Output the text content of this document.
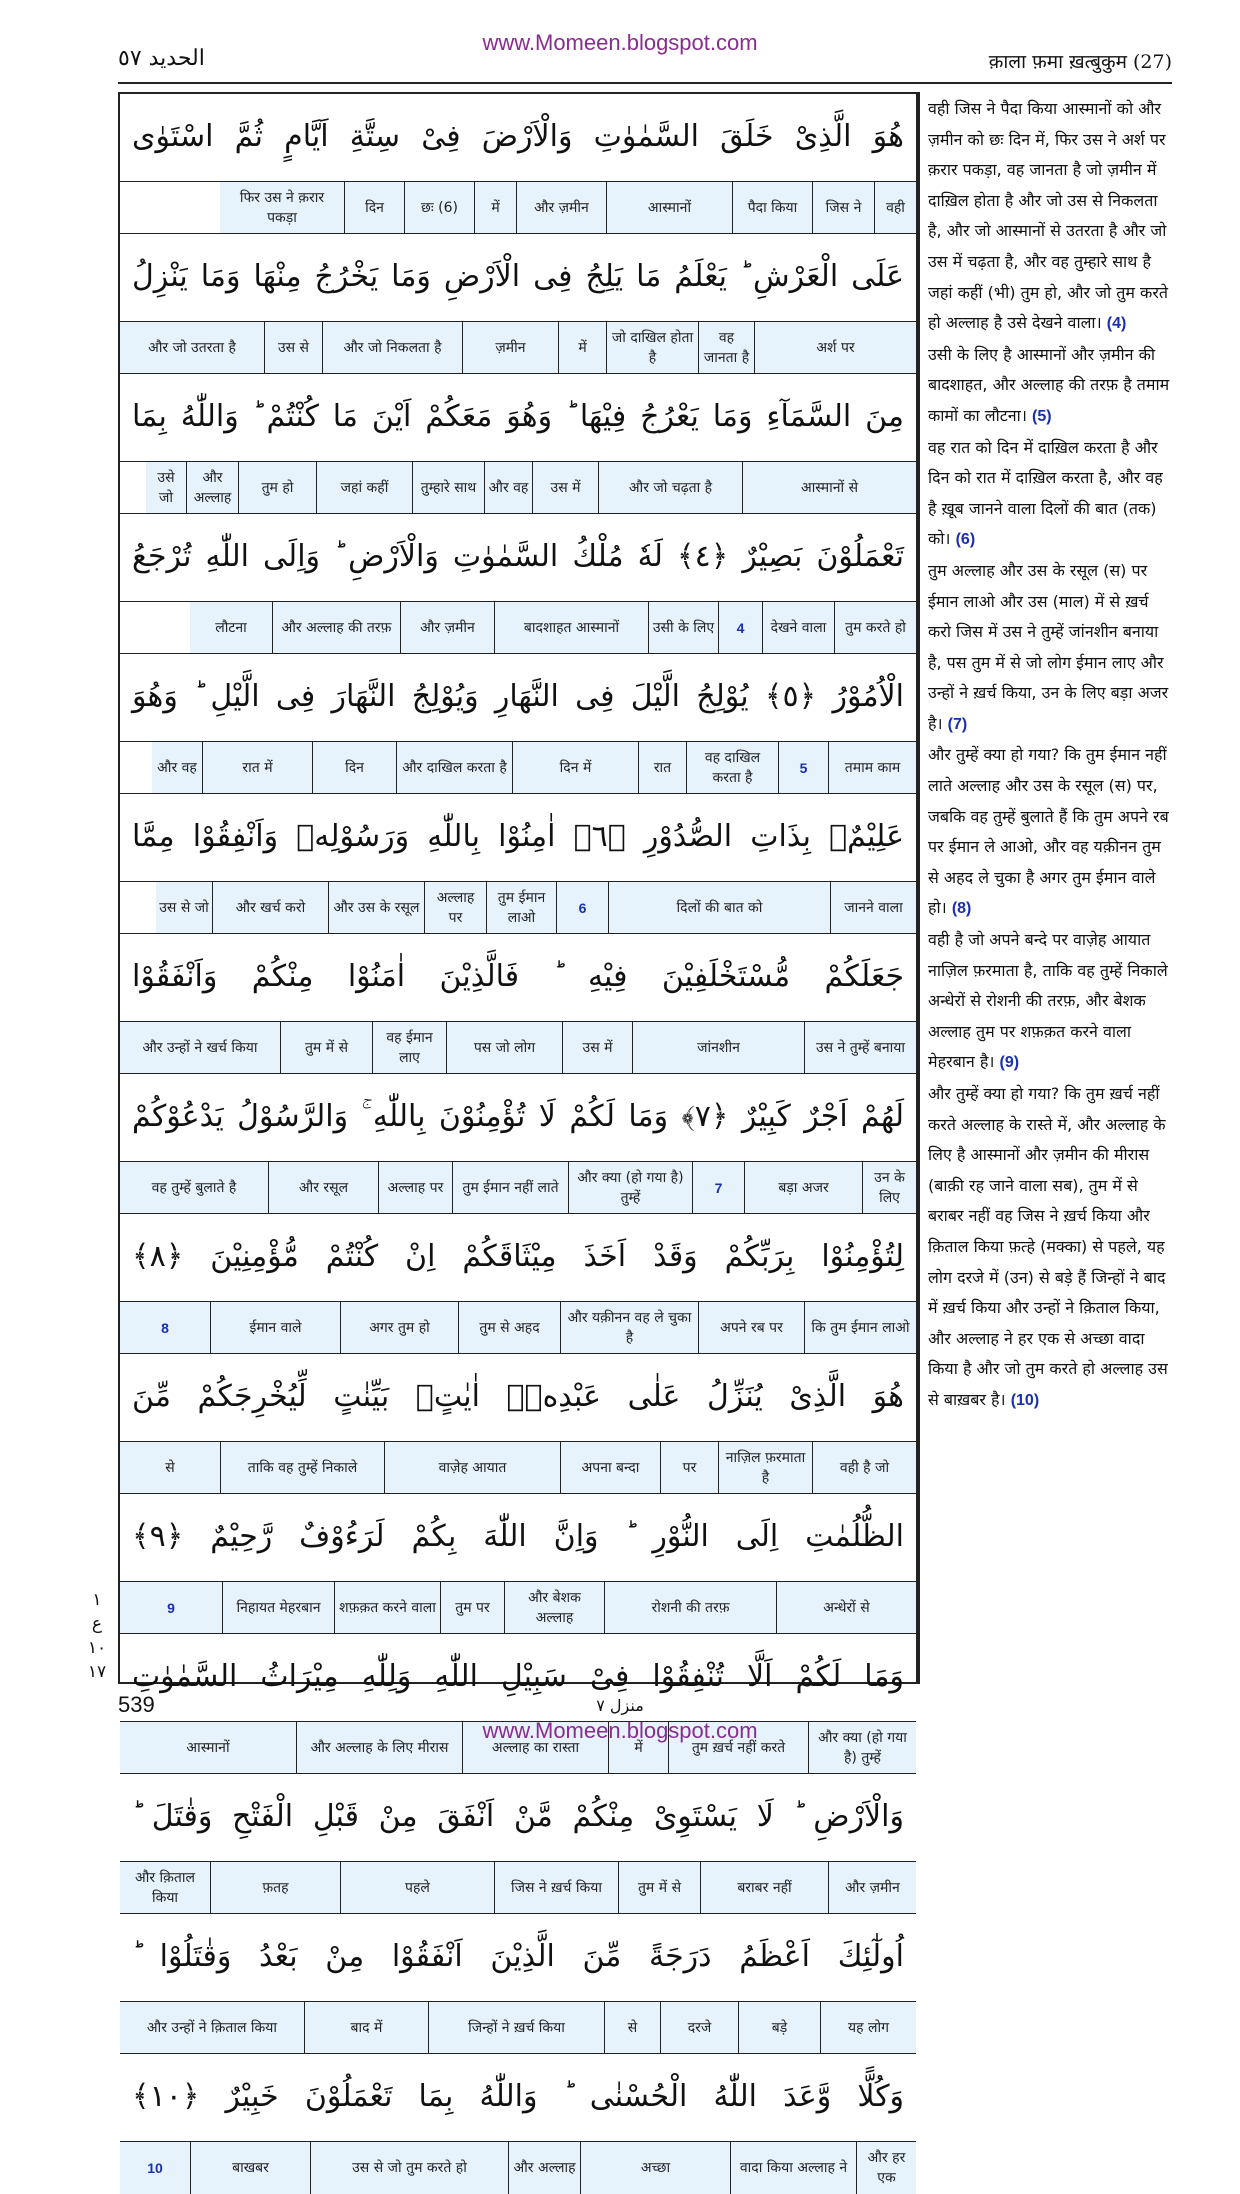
www.Momeen.blogspot.com
الحديد ٥٧	क़ाला फ़मा ख़त्बुकुम (27)
هُوَ الَّذِىْ خَلَقَ السَّمٰوٰتِ وَالْاَرْضَ فِىْ سِتَّةِ اَيَّامٍ ثُمَّ اسْتَوٰى
वही
जिस ने
पैदा किया
आस्मानों
और ज़मीन
में
छः (6)
दिन
फिर उस ने क़रार पकड़ा
عَلَى الْعَرْشِ ؕ يَعْلَمُ مَا يَلِجُ فِى الْاَرْضِ وَمَا يَخْرُجُ مِنْهَا وَمَا يَنْزِلُ
अर्श पर
वह जानता है
जो दाखिल होता है
में
ज़मीन
और जो निकलता है
उस से
और जो उतरता है
مِنَ السَّمَآءِ وَمَا يَعْرُجُ فِيْهَا ؕ وَهُوَ مَعَكُمْ اَيْنَ مَا كُنْتُمْ ؕ وَاللّٰهُ بِمَا
आस्मानों से
और जो चढ़ता है
उस में
और वह
तुम्हारे साथ
जहां कहीं
तुम हो
और अल्लाह
उसे जो
تَعْمَلُوْنَ بَصِيْرٌ ﴿٤﴾ لَهٗ مُلْكُ السَّمٰوٰتِ وَالْاَرْضِ ؕ وَاِلَى اللّٰهِ تُرْجَعُ
तुम करते हो
देखने वाला
4
उसी के लिए
बादशाहत आस्मानों
और ज़मीन
और अल्लाह की तरफ़
लौटना
الْاُمُوْرُ ﴿٥﴾ يُوْلِجُ الَّيْلَ فِى النَّهَارِ وَيُوْلِجُ النَّهَارَ فِى الَّيْلِ ؕ وَهُوَ
तमाम काम
5
वह दाखिल करता है
रात
दिन में
और दाखिल करता है
दिन
रात में
और वह
عَلِيْمٌۢ بِذَاتِ الصُّدُوْرِ ﴿٦﴾ اٰمِنُوْا بِاللّٰهِ وَرَسُوْلِهٖ وَاَنْفِقُوْا مِمَّا
जानने वाला
दिलों की बात को
6
तुम ईमान लाओ
अल्लाह पर
और उस के रसूल
और खर्च करो
उस से जो
جَعَلَكُمْ مُّسْتَخْلَفِيْنَ فِيْهِ ؕ فَالَّذِيْنَ اٰمَنُوْا مِنْكُمْ وَاَنْفَقُوْا
उस ने तुम्हें बनाया
जांनशीन
उस में
पस जो लोग
वह ईमान लाए
तुम में से
और उन्हों ने खर्च किया
لَهُمْ اَجْرٌ كَبِيْرٌ ﴿٧﴾ وَمَا لَكُمْ لَا تُؤْمِنُوْنَ بِاللّٰهِ ۚ وَالرَّسُوْلُ يَدْعُوْكُمْ
उन के लिए
बड़ा अजर
7
और क्या (हो गया है) तुम्हें
तुम ईमान नहीं लाते
अल्लाह पर
और रसूल
वह तुम्हें बुलाते है
لِتُؤْمِنُوْا بِرَبِّكُمْ وَقَدْ اَخَذَ مِيْثَاقَكُمْ اِنْ كُنْتُمْ مُّؤْمِنِيْنَ ﴿٨﴾
कि तुम ईमान लाओ
अपने रब पर
और यक़ीनन वह ले चुका है
तुम से अहद
अगर तुम हो
ईमान वाले
8
هُوَ الَّذِىْ يُنَزِّلُ عَلٰى عَبْدِهٖۤ اٰيٰتٍۢ بَيِّنٰتٍ لِّيُخْرِجَكُمْ مِّنَ
वही है जो
नाज़िल फ़रमाता है
पर
अपना बन्दा
वाज़ेह आयात
ताकि वह तुम्हें निकाले
से
الظُّلُمٰتِ اِلَى النُّوْرِ ؕ وَاِنَّ اللّٰهَ بِكُمْ لَرَءُوْفٌ رَّحِيْمٌ ﴿٩﴾
अन्धेरों से
रोशनी की तरफ़
और बेशक अल्लाह
तुम पर
शफ़क़त करने वाला
निहायत मेहरबान
9
وَمَا لَكُمْ اَلَّا تُنْفِقُوْا فِىْ سَبِيْلِ اللّٰهِ وَلِلّٰهِ مِيْرَاثُ السَّمٰوٰتِ
और क्या (हो गया है) तुम्हें
तुम ख़र्च नहीं करते
में
अल्लाह का रास्ता
और अल्लाह के लिए मीरास
आस्मानों
وَالْاَرْضِ ؕ لَا يَسْتَوِىْ مِنْكُمْ مَّنْ اَنْفَقَ مِنْ قَبْلِ الْفَتْحِ وَقٰتَلَ ؕ
और ज़मीन
बराबर नहीं
तुम में से
जिस ने ख़र्च किया
पहले
फ़तह
और क़िताल किया
اُولٰٓئِكَ اَعْظَمُ دَرَجَةً مِّنَ الَّذِيْنَ اَنْفَقُوْا مِنْ بَعْدُ وَقٰتَلُوْا ؕ
यह लोग
बड़े
दरजे
से
जिन्हों ने ख़र्च किया
बाद में
और उन्हों ने क़िताल किया
وَكُلًّا وَّعَدَ اللّٰهُ الْحُسْنٰى ؕ وَاللّٰهُ بِمَا تَعْمَلُوْنَ خَبِيْرٌ ﴿١٠﴾
और हर एक
वादा किया अल्लाह ने
अच्छा
और अल्लाह
उस से जो तुम करते हो
बाखबर
10
वही जिस ने पैदा किया आस्मानों को और ज़मीन को छः दिन में, फिर उस ने अर्श पर क़रार पकड़ा, वह जानता है जो ज़मीन में दाख़िल होता है और जो उस से निकलता है, और जो आस्मानों से उतरता है और जो उस में चढ़ता है, और वह तुम्हारे साथ है जहां कहीं (भी) तुम हो, और जो तुम करते हो अल्लाह है उसे देखने वाला। (4)
उसी के लिए है आस्मानों और ज़मीन की बादशाहत, और अल्लाह की तरफ़ है तमाम कामों का लौटना। (5)
वह रात को दिन में दाख़िल करता है और दिन को रात में दाख़िल करता है, और वह है ख़ूब जानने वाला दिलों की बात (तक) को। (6)
तुम अल्लाह और उस के रसूल (स) पर ईमान लाओ और उस (माल) में से ख़र्च करो जिस में उस ने तुम्हें जांनशीन बनाया है, पस तुम में से जो लोग ईमान लाए और उन्हों ने ख़र्च किया, उन के लिए बड़ा अजर है। (7)
और तुम्हें क्या हो गया? कि तुम ईमान नहीं लाते अल्लाह और उस के रसूल (स) पर, जबकि वह तुम्हें बुलाते हैं कि तुम अपने रब पर ईमान ले आओ, और वह यक़ीनन तुम से अहद ले चुका है अगर तुम ईमान वाले हो। (8)
वही है जो अपने बन्दे पर वाज़ेह आयात नाज़िल फ़रमाता है, ताकि वह तुम्हें निकाले अन्धेरों से रोशनी की तरफ़, और बेशक अल्लाह तुम पर शफ़क़त करने वाला मेहरबान है। (9)
और तुम्हें क्या हो गया? कि तुम ख़र्च नहीं करते अल्लाह के रास्ते में, और अल्लाह के लिए है आस्मानों और ज़मीन की मीरास (बाक़ी रह जाने वाला सब), तुम में से बराबर नहीं वह जिस ने ख़र्च किया और क़िताल किया फ़त्हे (मक्का) से पहले, यह लोग दरजे में (उन) से बड़े हैं जिन्हों ने बाद में ख़र्च किया और उन्हों ने क़िताल किया, और अल्लाह ने हर एक से अच्छा वादा किया है और जो तुम करते हो अल्लाह उस से बाख़बर है। (10)

١
ع
١٠
١٧
539	منزل ٧
www.Momeen.blogspot.com
